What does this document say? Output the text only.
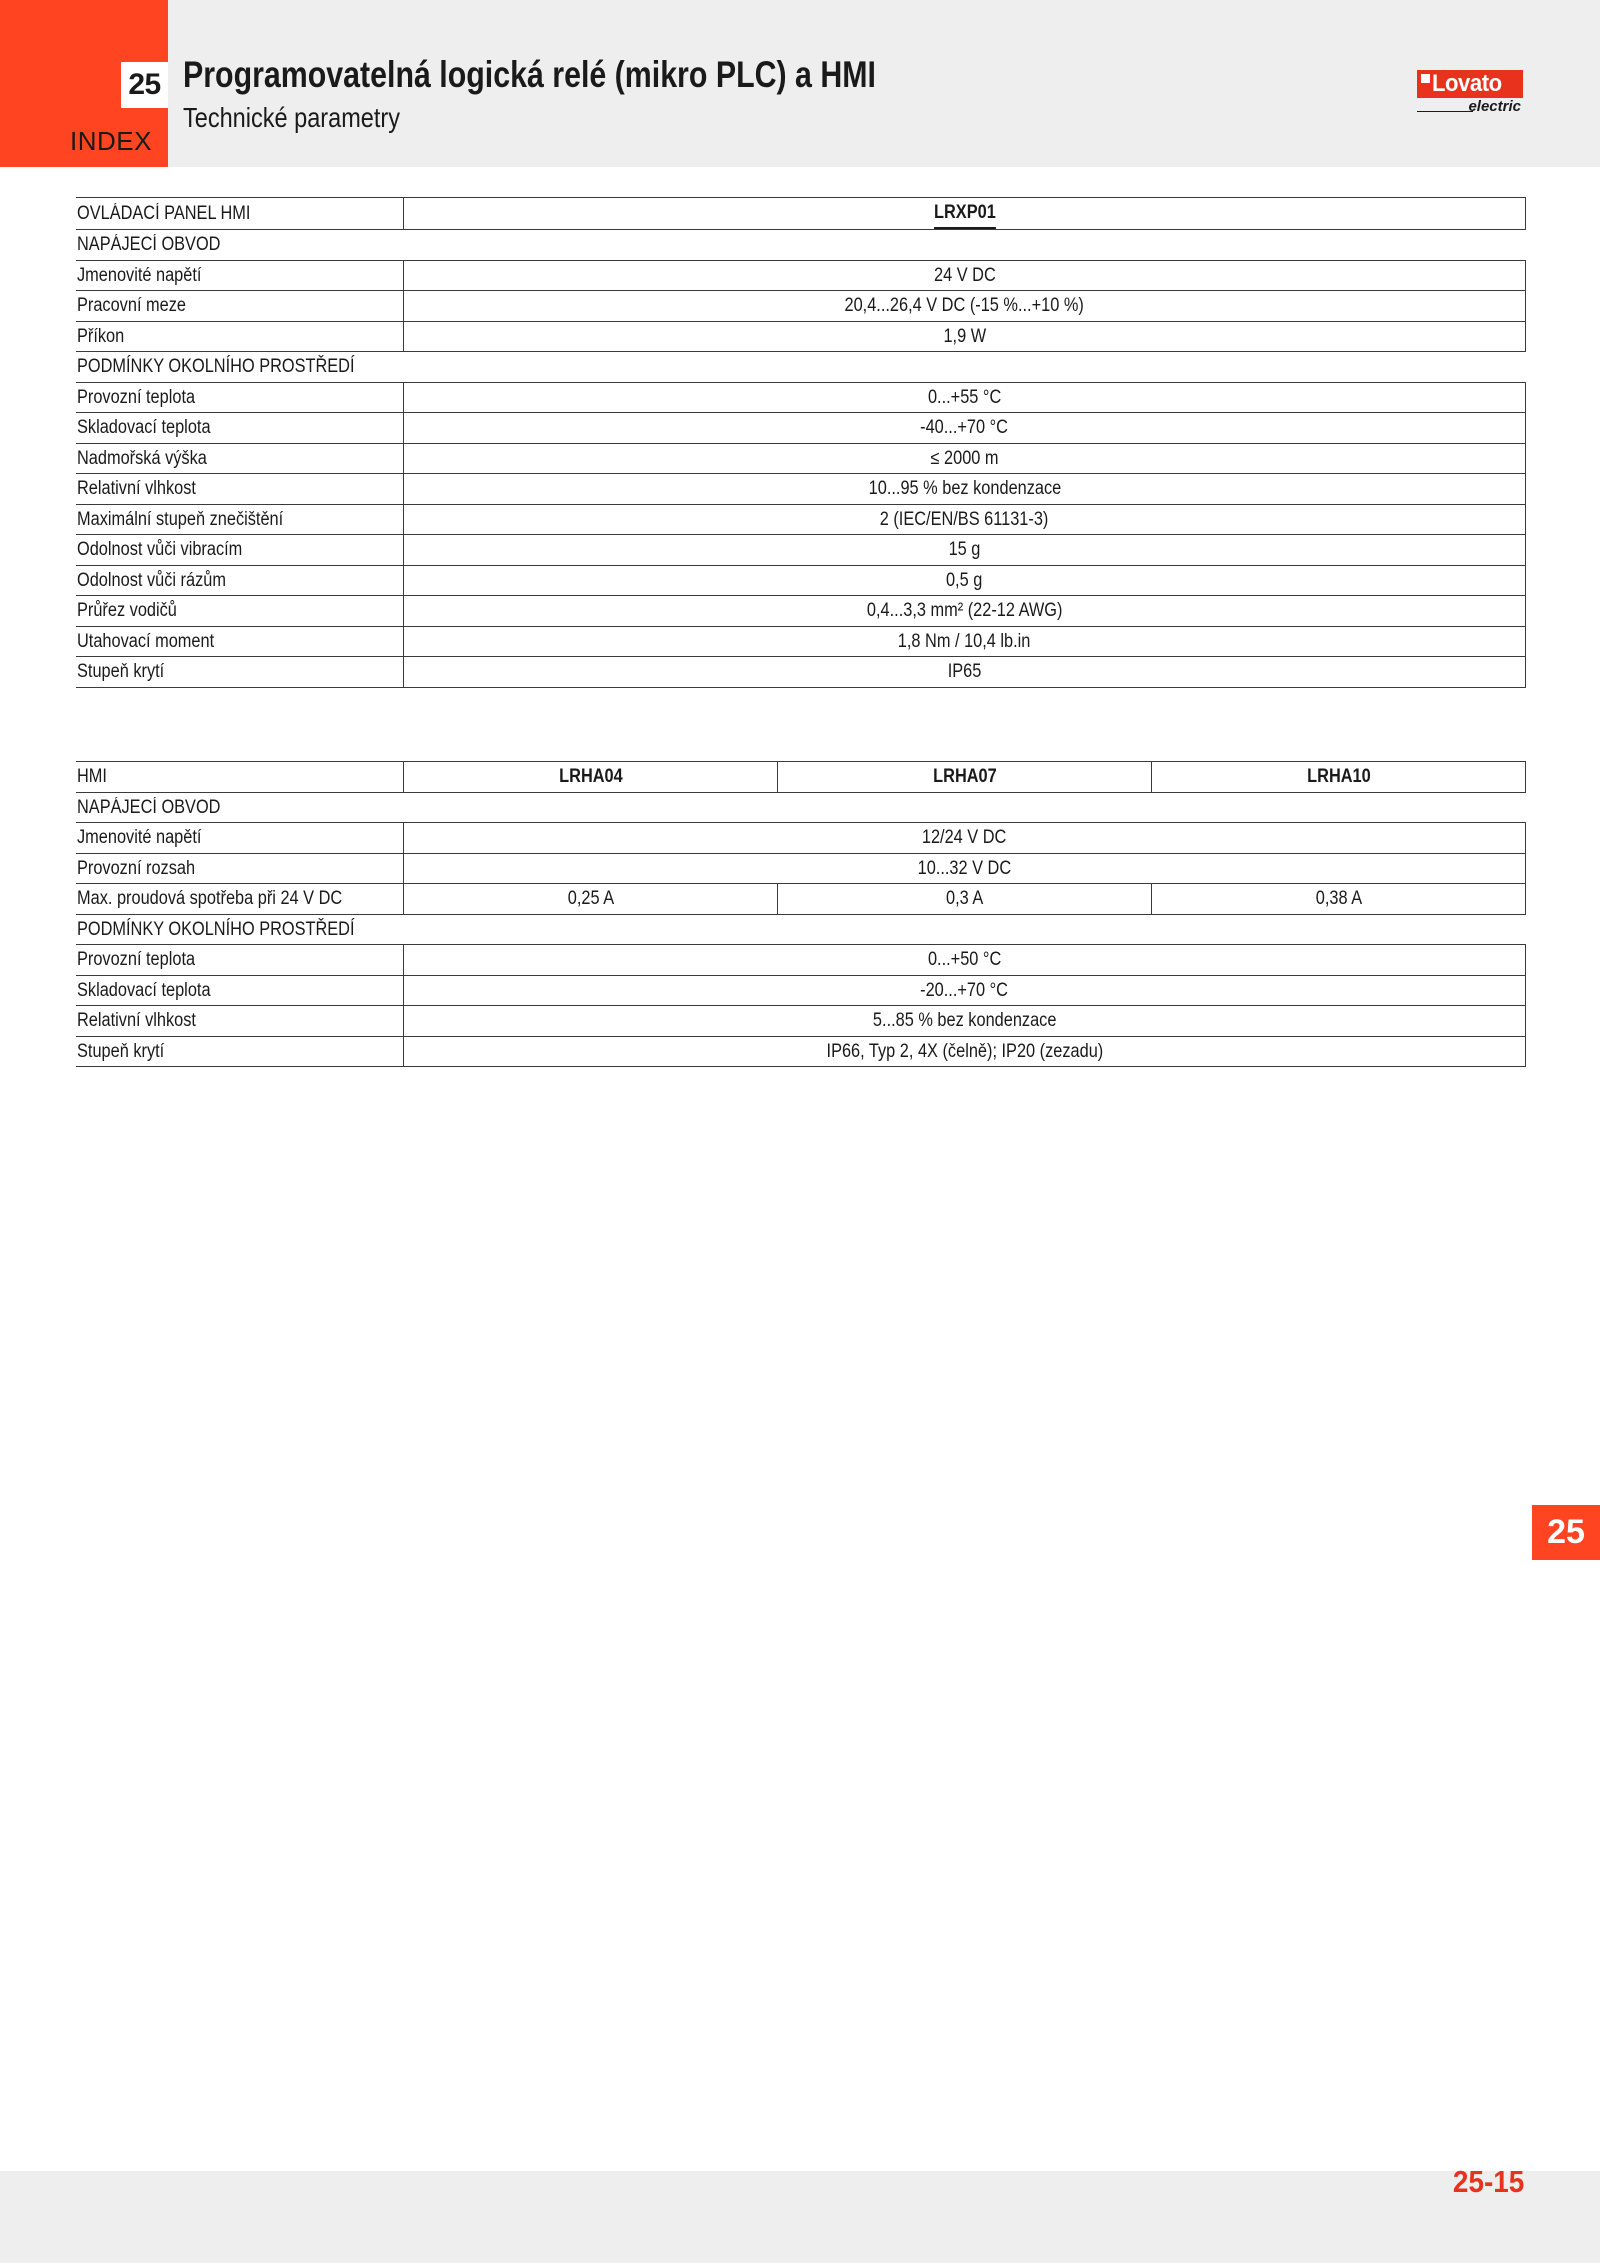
25
INDEX
Programovatelná logická relé (mikro PLC) a HMI
Technické parametry
Lovato
electric
OVLÁDACÍ PANEL HMI	LRXP01
NAPÁJECÍ OBVOD	
Jmenovité napětí	24 V DC
Pracovní meze	20,4...26,4 V DC (-15 %...+10 %)
Příkon	1,9 W
PODMÍNKY OKOLNÍHO PROSTŘEDÍ	
Provozní teplota	0...+55 °C
Skladovací teplota	-40...+70 °C
Nadmořská výška	≤ 2000 m
Relativní vlhkost	10...95 % bez kondenzace
Maximální stupeň znečištění	2 (IEC/EN/BS 61131-3)
Odolnost vůči vibracím	15 g
Odolnost vůči rázům	0,5 g
Průřez vodičů	0,4...3,3 mm² (22-12 AWG)
Utahovací moment	1,8 Nm / 10,4 lb.in
Stupeň krytí	IP65
HMI	LRHA04	LRHA07	LRHA10
NAPÁJECÍ OBVOD			
Jmenovité napětí	12/24 V DC		
Provozní rozsah	10...32 V DC		
Max. proudová spotřeba při 24 V DC	0,25 A	0,3 A	0,38 A
PODMÍNKY OKOLNÍHO PROSTŘEDÍ			
Provozní teplota	0...+50 °C		
Skladovací teplota	-20...+70 °C		
Relativní vlhkost	5...85 % bez kondenzace		
Stupeň krytí	IP66, Typ 2, 4X (čelně); IP20 (zezadu)		
25
25-15
